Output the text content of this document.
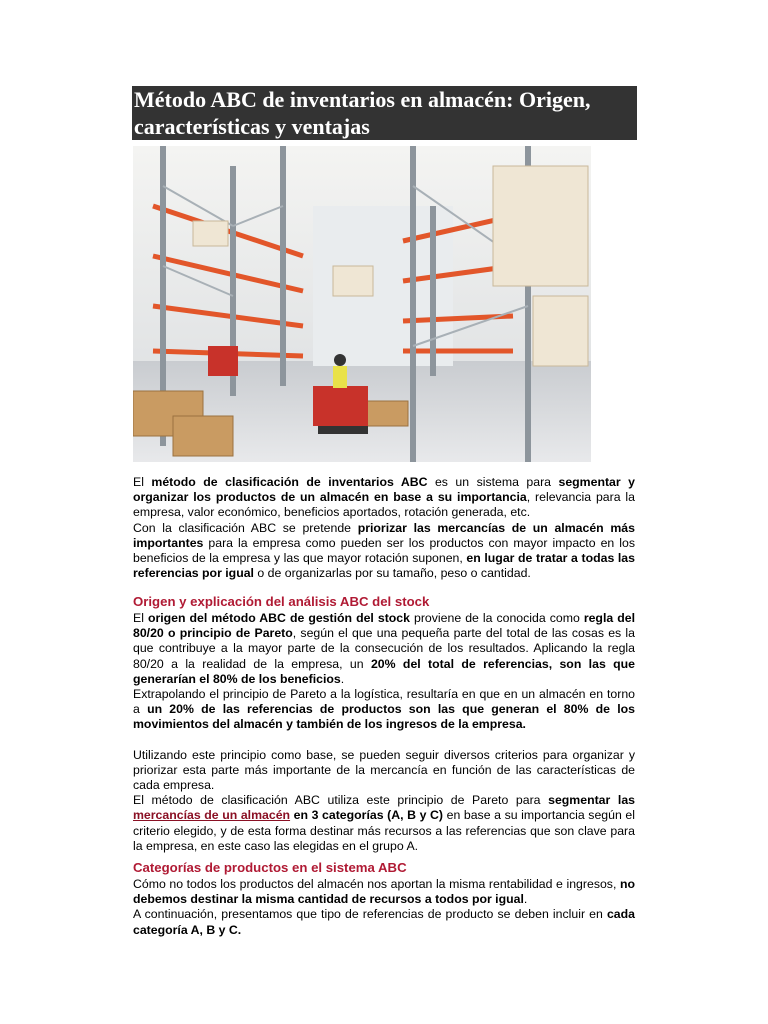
Método ABC de inventarios en almacén: Origen, características y ventajas

El método de clasificación de inventarios ABC es un sistema para segmentar y organizar los productos de un almacén en base a su importancia, relevancia para la empresa, valor económico, beneficios aportados, rotación generada, etc.

Con la clasificación ABC se pretende priorizar las mercancías de un almacén más importantes para la empresa como pueden ser los productos con mayor impacto en los beneficios de la empresa y las que mayor rotación suponen, en lugar de tratar a todas las referencias por igual o de organizarlas por su tamaño, peso o cantidad.

Origen y explicación del análisis ABC del stock

El origen del método ABC de gestión del stock proviene de la conocida como regla del 80/20 o principio de Pareto, según el que una pequeña parte del total de las cosas es la que contribuye a la mayor parte de la consecución de los resultados. Aplicando la regla 80/20 a la realidad de la empresa, un 20% del total de referencias, son las que generarían el 80% de los beneficios.

Extrapolando el principio de Pareto a la logística, resultaría en que en un almacén en torno a un 20% de las referencias de productos son las que generan el 80% de los movimientos del almacén y también de los ingresos de la empresa.

Utilizando este principio como base, se pueden seguir diversos criterios para organizar y priorizar esta parte más importante de la mercancía en función de las características de cada empresa.

El método de clasificación ABC utiliza este principio de Pareto para segmentar las mercancías de un almacén en 3 categorías (A, B y C) en base a su importancia según el criterio elegido, y de esta forma destinar más recursos a las referencias que son clave para la empresa, en este caso las elegidas en el grupo A.

Categorías de productos en el sistema ABC

Cómo no todos los productos del almacén nos aportan la misma rentabilidad e ingresos, no debemos destinar la misma cantidad de recursos a todos por igual.

A continuación, presentamos que tipo de referencias de producto se deben incluir en cada categoría A, B y C.
